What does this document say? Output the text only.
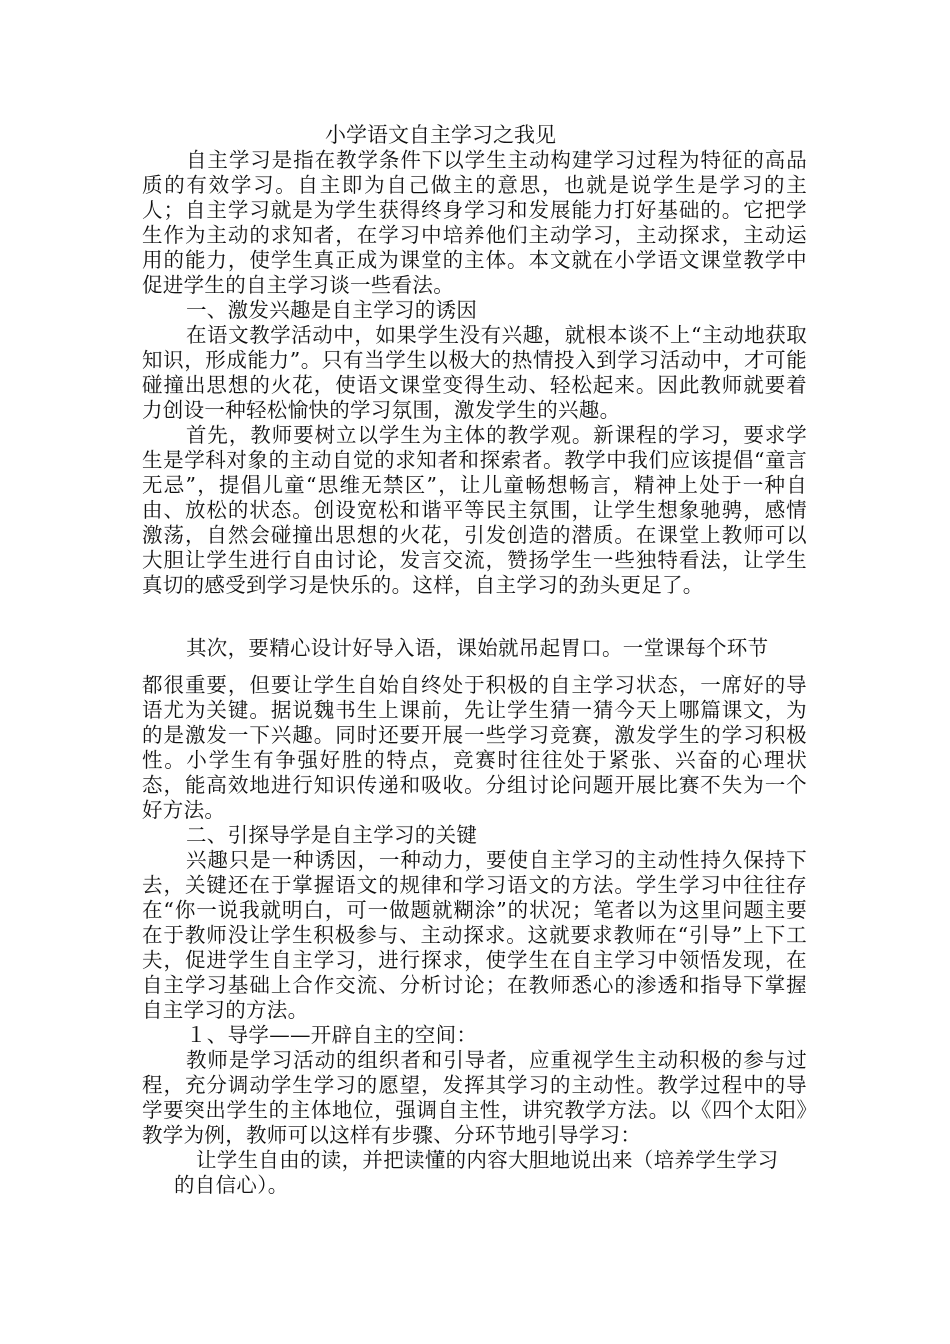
小学语文自主学习之我见

自主学习是指在教学条件下以学生主动构建学习过程为特征的高品质的有效学习。自主即为自己做主的意思，也就是说学生是学习的主人；自主学习就是为学生获得终身学习和发展能力打好基础的。它把学生作为主动的求知者，在学习中培养他们主动学习，主动探求，主动运用的能力，使学生真正成为课堂的主体。本文就在小学语文课堂教学中促进学生的自主学习谈一些看法。

一、激发兴趣是自主学习的诱因

在语文教学活动中，如果学生没有兴趣，就根本谈不上“主动地获取知识，形成能力”。只有当学生以极大的热情投入到学习活动中，才可能碰撞出思想的火花，使语文课堂变得生动、轻松起来。因此教师就要着力创设一种轻松愉快的学习氛围，激发学生的兴趣。

首先，教师要树立以学生为主体的教学观。新课程的学习，要求学生是学科对象的主动自觉的求知者和探索者。教学中我们应该提倡“童言无忌”，提倡儿童“思维无禁区”，让儿童畅想畅言，精神上处于一种自由、放松的状态。创设宽松和谐平等民主氛围，让学生想象驰骋，感情激荡，自然会碰撞出思想的火花，引发创造的潜质。在课堂上教师可以大胆让学生进行自由讨论，发言交流，赞扬学生一些独特看法，让学生真切的感受到学习是快乐的。这样，自主学习的劲头更足了。

其次，要精心设计好导入语，课始就吊起胃口。一堂课每个环节

都很重要，但要让学生自始自终处于积极的自主学习状态，一席好的导语尤为关键。据说魏书生上课前，先让学生猜一猜今天上哪篇课文，为的是激发一下兴趣。同时还要开展一些学习竞赛，激发学生的学习积极性。小学生有争强好胜的特点，竞赛时往往处于紧张、兴奋的心理状态，能高效地进行知识传递和吸收。分组讨论问题开展比赛不失为一个好方法。

二、引探导学是自主学习的关键

兴趣只是一种诱因，一种动力，要使自主学习的主动性持久保持下去，关键还在于掌握语文的规律和学习语文的方法。学生学习中往往存在“你一说我就明白，可一做题就糊涂”的状况；笔者以为这里问题主要在于教师没让学生积极参与、主动探求。这就要求教师在“引导”上下工夫，促进学生自主学习，进行探求，使学生在自主学习中领悟发现，在自主学习基础上合作交流、分析讨论；在教师悉心的渗透和指导下掌握自主学习的方法。

１、导学——开辟自主的空间：

教师是学习活动的组织者和引导者，应重视学生主动积极的参与过程，充分调动学生学习的愿望，发挥其学习的主动性。教学过程中的导学要突出学生的主体地位，强调自主性，讲究教学方法。以《四个太阳》教学为例，教师可以这样有步骤、分环节地引导学习：

让学生自由的读，并把读懂的内容大胆地说出来（培养学生学习
的自信心）。
